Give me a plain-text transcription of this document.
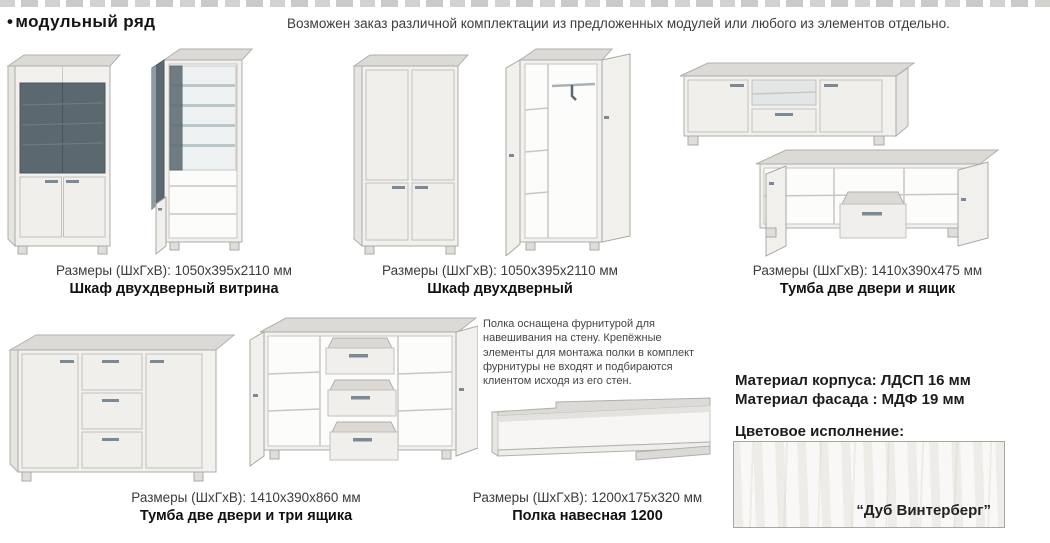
• модульный ряд	Возможен заказ различной комплектации из предложенных модулей или любого из элементов отдельно.
Размеры (ШхГхВ): 1050х395х2110 мм
Шкаф двухдверный витрина
Размеры (ШхГхВ): 1050х395х2110 мм
Шкаф двухдверный
Размеры (ШхГхВ): 1410х390х475 мм
Тумба две двери и ящик
Полка оснащена фурнитурой для навешивания на стену. Крепёжные элементы для монтажа полки в комплект фурнитуры не входят и подбираются клиентом исходя из его стен.
Размеры (ШхГхВ): 1410х390х860 мм
Тумба две двери и три ящика
Размеры (ШхГхВ): 1200х175х320 мм
Полка навесная 1200
Материал корпуса: ЛДСП 16 мм
Материал фасада : МДФ 19 мм
Цветовое исполнение:
“Дуб Винтерберг”
